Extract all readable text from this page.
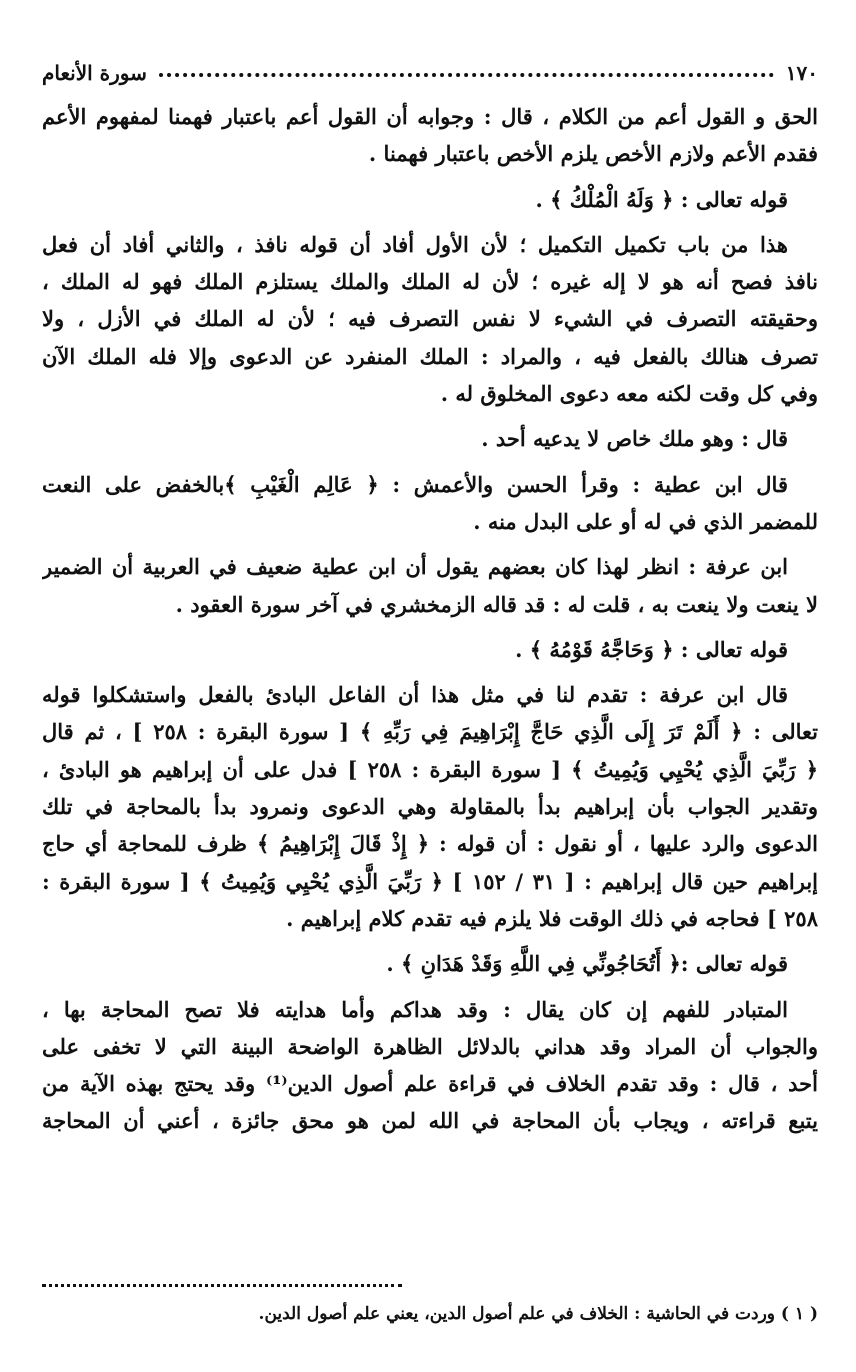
١٧٠
سورة الأنعام
الحق و القول أعم من الكلام ، قال : وجوابه أن القول أعم باعتبار فهمنا لمفهوم الأعم
فقدم الأعم ولازم الأخص يلزم الأخص باعتبار فهمنا .
قوله تعالى : ﴿ وَلَهُ الْمُلْكُ ﴾ .
هذا من باب تكميل التكميل ؛ لأن الأول أفاد أن قوله نافذ ، والثاني أفاد أن فعل
نافذ فصح أنه هو لا إله غيره ؛ لأن له الملك والملك يستلزم الملك فهو له الملك ،
وحقيقته التصرف في الشيء لا نفس التصرف فيه ؛ لأن له الملك في الأزل ، ولا
تصرف هنالك بالفعل فيه ، والمراد : الملك المنفرد عن الدعوى وإلا فله الملك الآن
وفي كل وقت لكنه معه دعوى المخلوق له .
قال : وهو ملك خاص لا يدعيه أحد .
قال ابن عطية : وقرأ الحسن والأعمش : ﴿ عَالِم الْغَيْبِ ﴾بالخفض على النعت
للمضمر الذي في له أو على البدل منه .
ابن عرفة : انظر لهذا كان بعضهم يقول أن ابن عطية ضعيف في العربية أن الضمير
لا ينعت ولا ينعت به ، قلت له : قد قاله الزمخشري في آخر سورة العقود .
قوله تعالى : ﴿ وَحَاجَّهُ قَوْمُهُ ﴾ .
قال ابن عرفة : تقدم لنا في مثل هذا أن الفاعل البادئ بالفعل واستشكلوا قوله
تعالى : ﴿ أَلَمْ تَرَ إِلَى الَّذِي حَاجَّ إِبْرَاهِيمَ فِي رَبِّهِ ﴾ [ سورة البقرة : ٢٥٨ ] ، ثم قال
﴿ رَبِّيَ الَّذِي يُحْيِي وَيُمِيتُ ﴾ [ سورة البقرة : ٢٥٨ ] فدل على أن إبراهيم هو البادئ ،
وتقدير الجواب بأن إبراهيم بدأ بالمقاولة وهي الدعوى ونمرود بدأ بالمحاجة في تلك
الدعوى والرد عليها ، أو نقول : أن قوله : ﴿ إِذْ قَالَ إِبْرَاهِيمُ ﴾ ظرف للمحاجة أي حاج
إبراهيم حين قال إبراهيم : [ ٣١ / ١٥٢ ] ﴿ رَبِّيَ الَّذِي يُحْيِي وَيُمِيتُ ﴾ [ سورة البقرة :
٢٥٨ ] فحاجه في ذلك الوقت فلا يلزم فيه تقدم كلام إبراهيم .
قوله تعالى :﴿ أَتُحَاجُونِّي فِي اللَّهِ وَقَدْ هَدَانِ ﴾ .
المتبادر للفهم إن كان يقال : وقد هداكم وأما هدايته فلا تصح المحاجة بها ،
والجواب أن المراد وقد هداني بالدلائل الظاهرة الواضحة البينة التي لا تخفى على
أحد ، قال : وقد تقدم الخلاف في قراءة علم أصول الدين⁽¹⁾ وقد يحتج بهذه الآية من
يتبع قراءته ، ويجاب بأن المحاجة في الله لمن هو محق جائزة ، أعني أن المحاجة
( ١ ) وردت في الحاشية : الخلاف في علم أصول الدين، يعني علم أصول الدين.
